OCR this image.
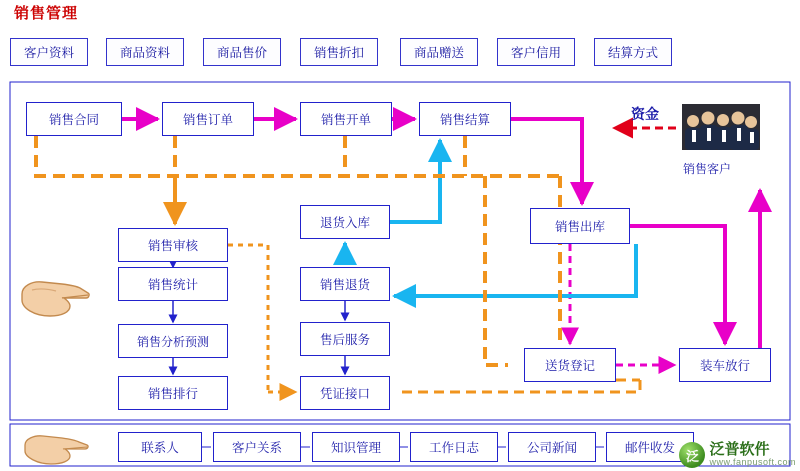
销售管理
客户资料	商品资料	商品售价	销售折扣	商品赠送	客户信用	结算方式
销售合同	销售订单	销售开单	销售结算
销售审核
销售统计
销售分析预测
销售排行
退货入库
销售退货
售后服务
凭证接口
销售出库
送货登记	装车放行
资金
销售客户
联系人	客户关系	知识管理	工作日志	公司新闻	邮件收发
泛 泛普软件
www.fanpusoft.com
